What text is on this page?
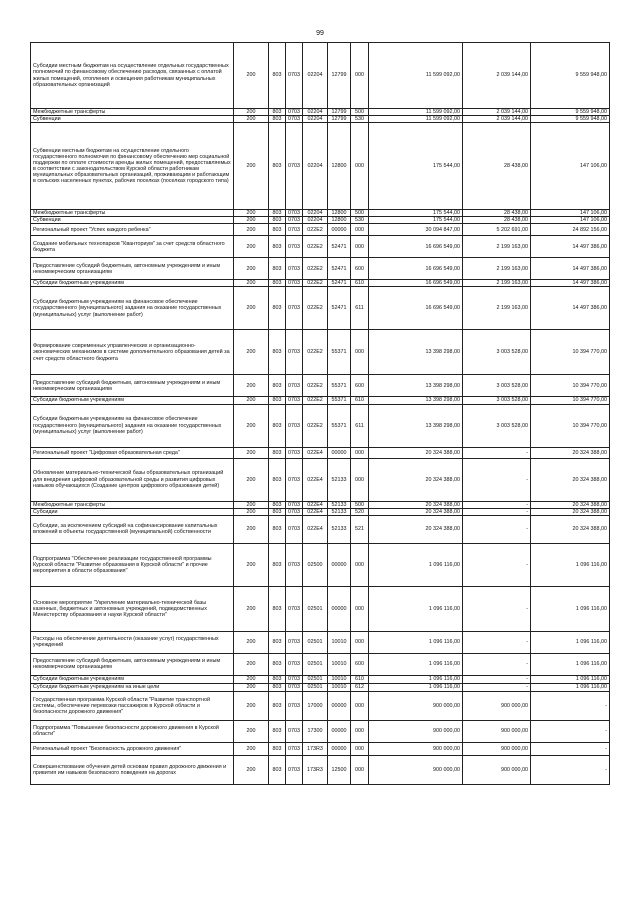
99
Субсидии местным бюджетам на осуществление отдельных государственных полномочий по финансовому обеспечению расходов, связанных с оплатой жилых помещений, отопления и освещения работникам муниципальных образовательных организаций	200	803	0703	02204	12799	000	11 599 092,00	2 039 144,00	9 559 948,00
Межбюджетные трансферты	200	803	0703	02204	12799	500	11 599 092,00	2 039 144,00	9 559 948,00
Субвенции	200	803	0703	02204	12799	530	11 599 092,00	2 039 144,00	9 559 948,00
Субвенции местным бюджетам на осуществление отдельного государственного полномочия по финансовому обеспечению мер социальной поддержки по оплате стоимости аренды жилых помещений, предоставляемых в соответствии с законодательством Курской области работникам муниципальных образовательных организаций, проживающим и работающим в сельских населенных пунктах, рабочих поселках (поселках городского типа)	200	803	0703	02204	12800	000	175 544,00	28 438,00	147 106,00
Межбюджетные трансферты	200	803	0703	02204	12800	500	175 544,00	28 438,00	147 106,00
Субвенции	200	803	0703	02204	12800	530	175 544,00	28 438,00	147 106,00
Региональный проект "Успех каждого ребенка"	200	803	0703	022E2	00000	000	30 094 847,00	5 202 691,00	24 892 156,00
Создание мобильных технопарков "Кванториум" за счет средств областного бюджета	200	803	0703	022E2	52471	000	16 696 549,00	2 199 163,00	14 497 386,00
Предоставление субсидий бюджетным, автономным учреждениям и иным некоммерческим организациям	200	803	0703	022E2	52471	600	16 696 549,00	2 199 163,00	14 497 386,00
Субсидии бюджетным учреждениям	200	803	0703	022E2	52471	610	16 696 549,00	2 199 163,00	14 497 386,00
Субсидии бюджетным учреждениям на финансовое обеспечение государственного (муниципального) задания на оказание государственных (муниципальных) услуг (выполнение работ)	200	803	0703	022E2	52471	611	16 696 549,00	2 199 163,00	14 497 386,00
Формирование современных управленческих и организационно-экономических механизмов в системе дополнительного образования детей за счет средств областного бюджета	200	803	0703	022E2	55371	000	13 398 298,00	3 003 528,00	10 394 770,00
Предоставление субсидий бюджетным, автономным учреждениям и иным некоммерческим организациям	200	803	0703	022E2	55371	600	13 398 298,00	3 003 528,00	10 394 770,00
Субсидии бюджетным учреждениям	200	803	0703	022E2	55371	610	13 398 298,00	3 003 528,00	10 394 770,00
Субсидии бюджетным учреждениям на финансовое обеспечение государственного (муниципального) задания на оказание государственных (муниципальных) услуг (выполнение работ)	200	803	0703	022E2	55371	611	13 398 298,00	3 003 528,00	10 394 770,00
Региональный проект "Цифровая образовательная среда"	200	803	0703	022E4	00000	000	20 324 388,00	-	20 324 388,00
Обновление материально-технической базы образовательных организаций для внедрения цифровой образовательной среды и развития цифровых навыков обучающихся (Создание центров цифрового образования детей)	200	803	0703	022E4	52133	000	20 324 388,00	-	20 324 388,00
Межбюджетные трансферты	200	803	0703	022E4	52133	500	20 324 388,00	-	20 324 388,00
Субсидии	200	803	0703	022E4	52133	520	20 324 388,00	-	20 324 388,00
Субсидии, за исключением субсидий на софинансирование капитальных вложений в объекты государственной (муниципальной) собственности	200	803	0703	022E4	52133	521	20 324 388,00	-	20 324 388,00
Подпрограмма "Обеспечение реализации государственной программы Курской области "Развитие образования в Курской области" и прочие мероприятия в области образования"	200	803	0703	02500	00000	000	1 096 116,00	-	1 096 116,00
Основное мероприятие "Укрепление материально-технической базы казенных, бюджетных и автономных учреждений, подведомственных Министерству образования и науки Курской области"	200	803	0703	02501	00000	000	1 096 116,00	-	1 096 116,00
Расходы на обеспечение деятельности (оказание услуг) государственных учреждений	200	803	0703	02501	10010	000	1 096 116,00	-	1 096 116,00
Предоставление субсидий бюджетным, автономным учреждениям и иным некоммерческим организациям	200	803	0703	02501	10010	600	1 096 116,00	-	1 096 116,00
Субсидии бюджетным учреждениям	200	803	0703	02501	10010	610	1 096 116,00	-	1 096 116,00
Субсидии бюджетным учреждениям на иные цели	200	803	0703	02501	10010	612	1 096 116,00	-	1 096 116,00
Государственная программа Курской области "Развитие транспортной системы, обеспечение перевозки пассажиров в Курской области и безопасности дорожного движения"	200	803	0703	17000	00000	000	900 000,00	900 000,00	-
Подпрограмма "Повышение безопасности дорожного движения в Курской области"	200	803	0703	17300	00000	000	900 000,00	900 000,00	-
Региональный проект "Безопасность дорожного движения"	200	803	0703	173R3	00000	000	900 000,00	900 000,00	-
Совершенствование обучения детей основам правил дорожного движения и привития им навыков безопасного поведения на дорогах	200	803	0703	173R3	12500	000	900 000,00	900 000,00	-
